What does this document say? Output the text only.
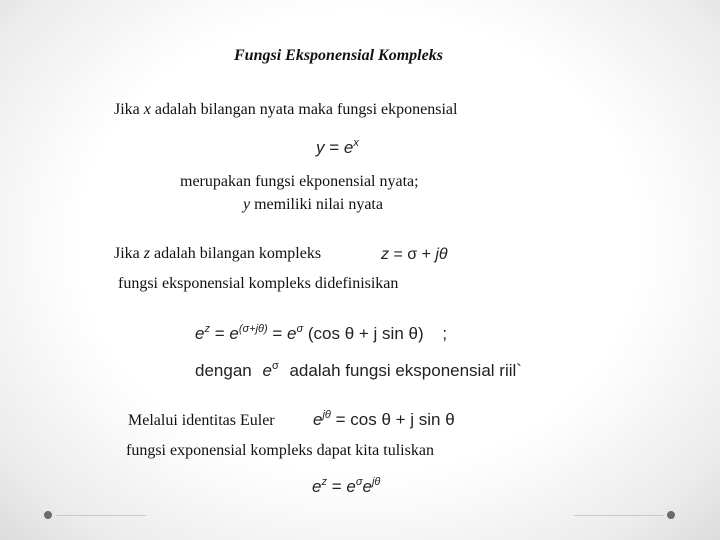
Fungsi Eksponensial Kompleks
Jika x adalah bilangan nyata maka fungsi ekponensial
$y = e^x$
merupakan fungsi ekponensial nyata;
y memiliki nilai nyata
Jika z adalah bilangan kompleks	z = σ + jθ
fungsi eksponensial kompleks didefinisikan
$e^z = e^{(\sigma+j\theta)} = e^\sigma$ (cos θ + j sin θ) ;
dengan $e^\sigma$ adalah fungsi eksponensial riil`
Melalui identitas Euler $e^{j\theta} = \cos \theta + j$ sin θ
fungsi exponensial kompleks dapat kita tuliskan
$e^z = e^\sigma e^{j\theta}$
